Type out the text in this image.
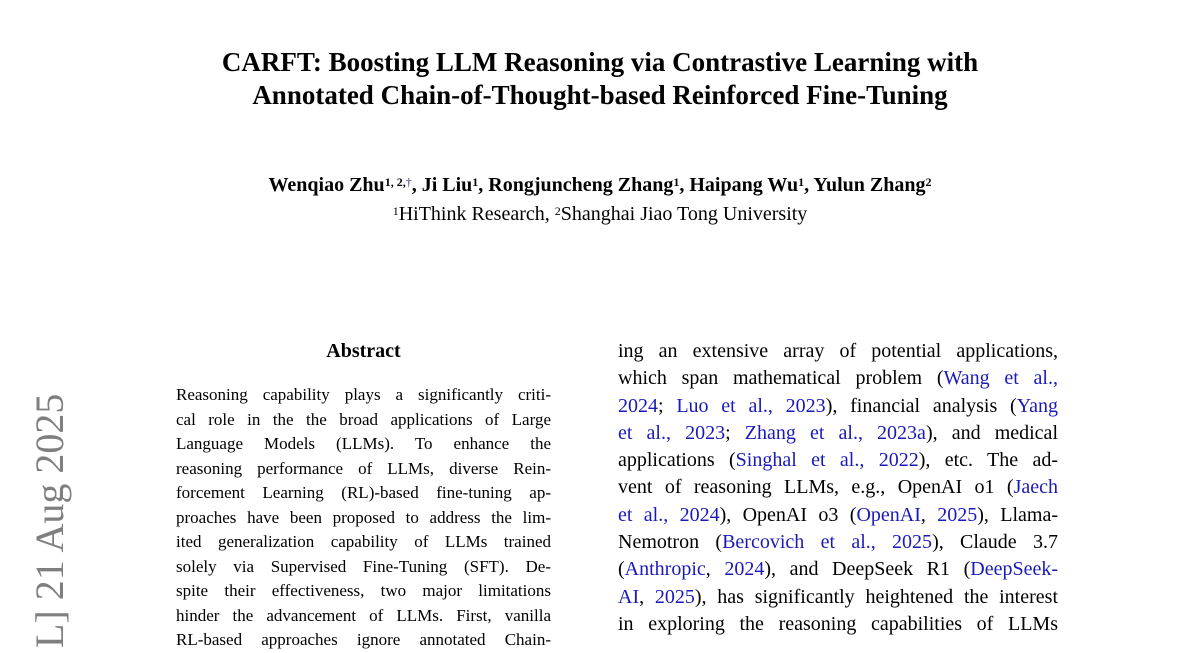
CARFT: Boosting LLM Reasoning via Contrastive Learning with
Annotated Chain-of-Thought-based Reinforced Fine-Tuning
Wenqiao Zhu$^{1, 2,\dagger}$, Ji Liu$^1$, Rongjuncheng Zhang$^1$, Haipang Wu$^1$, Yulun Zhang$^2$
$^1$HiThink Research, $^2$Shanghai Jiao Tong University
L] 21 Aug 2025
Abstract
Reasoning capability plays a significantly criti-
cal role in the the broad applications of Large
Language Models (LLMs). To enhance the
reasoning performance of LLMs, diverse Rein-
forcement Learning (RL)-based fine-tuning ap-
proaches have been proposed to address the lim-
ited generalization capability of LLMs trained
solely via Supervised Fine-Tuning (SFT). De-
spite their effectiveness, two major limitations
hinder the advancement of LLMs. First, vanilla
RL-based approaches ignore annotated Chain-
ing an extensive array of potential applications,
which span mathematical problem (Wang et al.,
2024; Luo et al., 2023), financial analysis (Yang
et al., 2023; Zhang et al., 2023a), and medical
applications (Singhal et al., 2022), etc. The ad-
vent of reasoning LLMs, e.g., OpenAI o1 (Jaech
et al., 2024), OpenAI o3 (OpenAI, 2025), Llama-
Nemotron (Bercovich et al., 2025), Claude 3.7
(Anthropic, 2024), and DeepSeek R1 (DeepSeek-
AI, 2025), has significantly heightened the interest
in exploring the reasoning capabilities of LLMs
